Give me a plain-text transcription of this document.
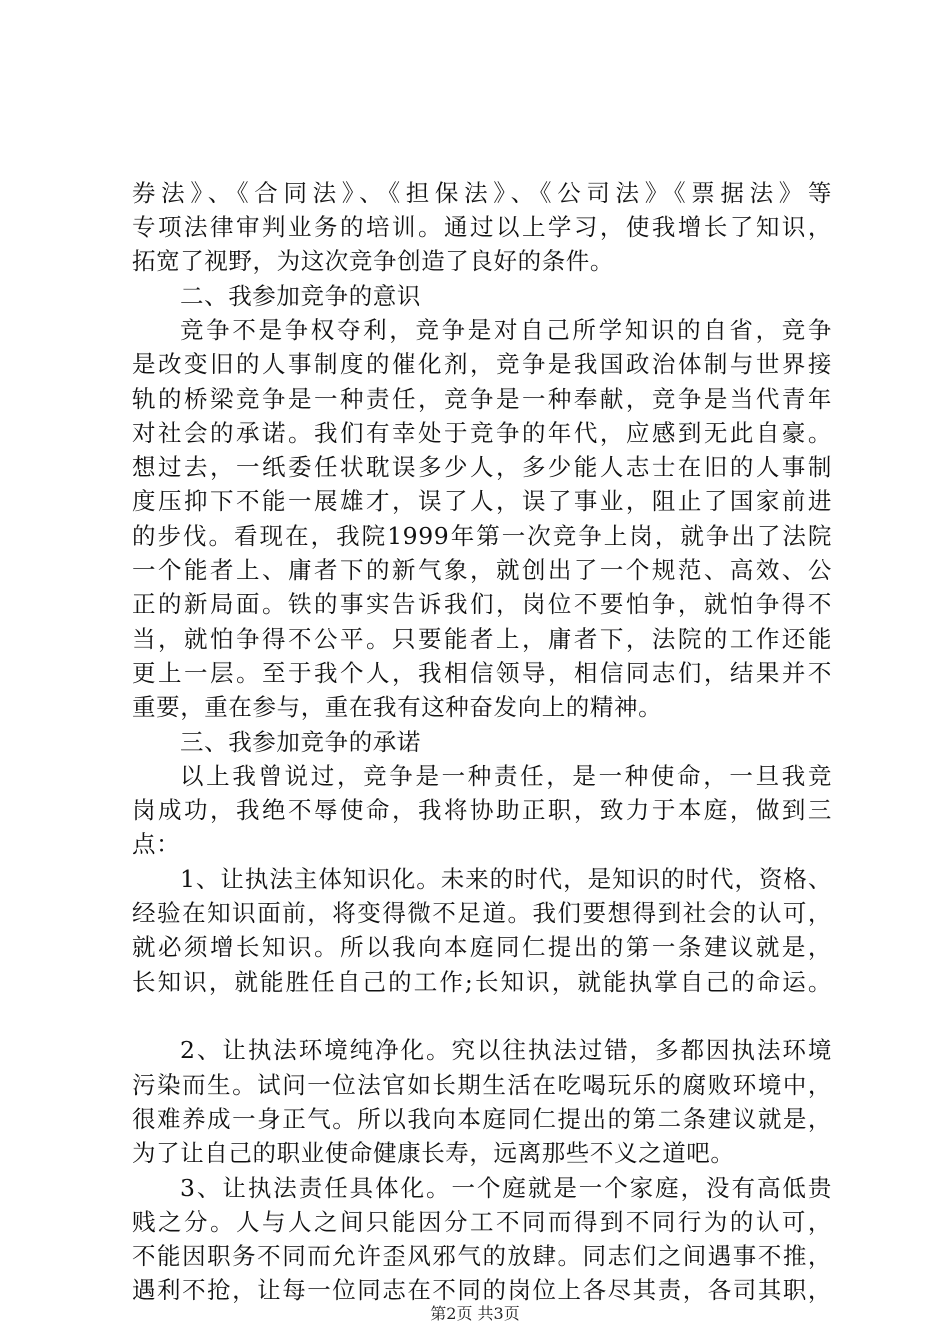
券法》、《合同法》、《担保法》、《公司法》《票据法》等
专项法律审判业务的培训。通过以上学习，使我增长了知识，
拓宽了视野，为这次竞争创造了良好的条件。
二、我参加竞争的意识
竞争不是争权夺利，竞争是对自己所学知识的自省，竞争
是改变旧的人事制度的催化剂，竞争是我国政治体制与世界接
轨的桥梁竞争是一种责任，竞争是一种奉献，竞争是当代青年
对社会的承诺。我们有幸处于竞争的年代，应感到无此自豪。
想过去，一纸委任状耽误多少人，多少能人志士在旧的人事制
度压抑下不能一展雄才，误了人，误了事业，阻止了国家前进
的步伐。看现在，我院1999年第一次竞争上岗，就争出了法院
一个能者上、庸者下的新气象，就创出了一个规范、高效、公
正的新局面。铁的事实告诉我们，岗位不要怕争，就怕争得不
当，就怕争得不公平。只要能者上，庸者下，法院的工作还能
更上一层。至于我个人，我相信领导，相信同志们，结果并不
重要，重在参与，重在我有这种奋发向上的精神。
三、我参加竞争的承诺
以上我曾说过，竞争是一种责任，是一种使命，一旦我竞
岗成功，我绝不辱使命，我将协助正职，致力于本庭，做到三
点：
1、让执法主体知识化。未来的时代，是知识的时代，资格、
经验在知识面前，将变得微不足道。我们要想得到社会的认可，
就必须增长知识。所以我向本庭同仁提出的第一条建议就是，
长知识，就能胜任自己的工作;长知识，就能执掌自己的命运。
2、让执法环境纯净化。究以往执法过错，多都因执法环境
污染而生。试问一位法官如长期生活在吃喝玩乐的腐败环境中，
很难养成一身正气。所以我向本庭同仁提出的第二条建议就是，
为了让自己的职业使命健康长寿，远离那些不义之道吧。
3、让执法责任具体化。一个庭就是一个家庭，没有高低贵
贱之分。人与人之间只能因分工不同而得到不同行为的认可，
不能因职务不同而允许歪风邪气的放肆。同志们之间遇事不推，
遇利不抢，让每一位同志在不同的岗位上各尽其责，各司其职，
第2页 共3页
